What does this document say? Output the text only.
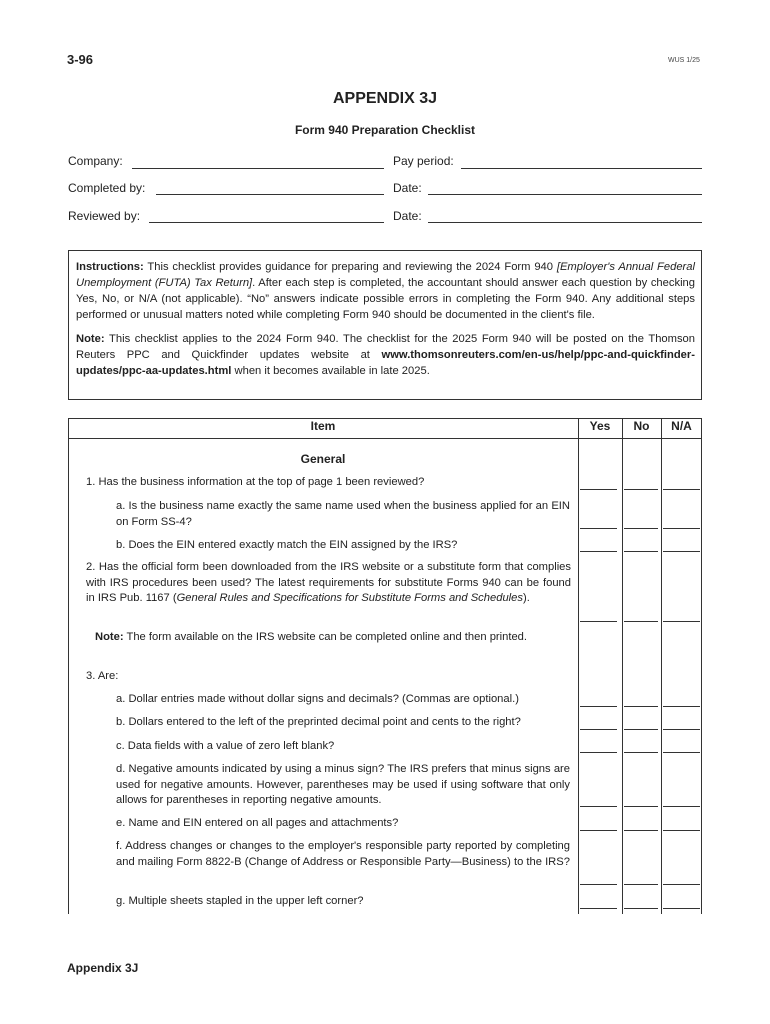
3-96	WUS 1/25
APPENDIX 3J
Form 940 Preparation Checklist
Company:	Pay period:
Completed by:	Date:
Reviewed by:	Date:

Instructions: This checklist provides guidance for preparing and reviewing the 2024 Form 940 [Employer's Annual Federal Unemployment (FUTA) Tax Return]. After each step is completed, the accountant should answer each question by checking Yes, No, or N/A (not applicable). “No” answers indicate possible errors in completing the Form 940. Any additional steps performed or unusual matters noted while completing Form 940 should be documented in the client's file.

Note: This checklist applies to the 2024 Form 940. The checklist for the 2025 Form 940 will be posted on the Thomson Reuters PPC and Quickfinder updates website at www.thomsonreuters.com/en-us/help/ppc-and-quickfinder-updates/ppc-aa-updates.html when it becomes available in late 2025.

Item	Yes	No	N/A
General
1. Has the business information at the top of page 1 been reviewed?
a. Is the business name exactly the same name used when the business applied for an EIN on Form SS-4?
b. Does the EIN entered exactly match the EIN assigned by the IRS?
2. Has the official form been downloaded from the IRS website or a substitute form that complies with IRS procedures been used? The latest requirements for substitute Forms 940 can be found in IRS Pub. 1167 (General Rules and Specifications for Substitute Forms and Schedules).
Note: The form available on the IRS website can be completed online and then printed.
3. Are:
a. Dollar entries made without dollar signs and decimals? (Commas are optional.)
b. Dollars entered to the left of the preprinted decimal point and cents to the right?
c. Data fields with a value of zero left blank?
d. Negative amounts indicated by using a minus sign? The IRS prefers that minus signs are used for negative amounts. However, parentheses may be used if using software that only allows for parentheses in reporting negative amounts.
e. Name and EIN entered on all pages and attachments?
f. Address changes or changes to the employer's responsible party reported by completing and mailing Form 8822-B (Change of Address or Responsible Party—Business) to the IRS?
g. Multiple sheets stapled in the upper left corner?
Appendix 3J
